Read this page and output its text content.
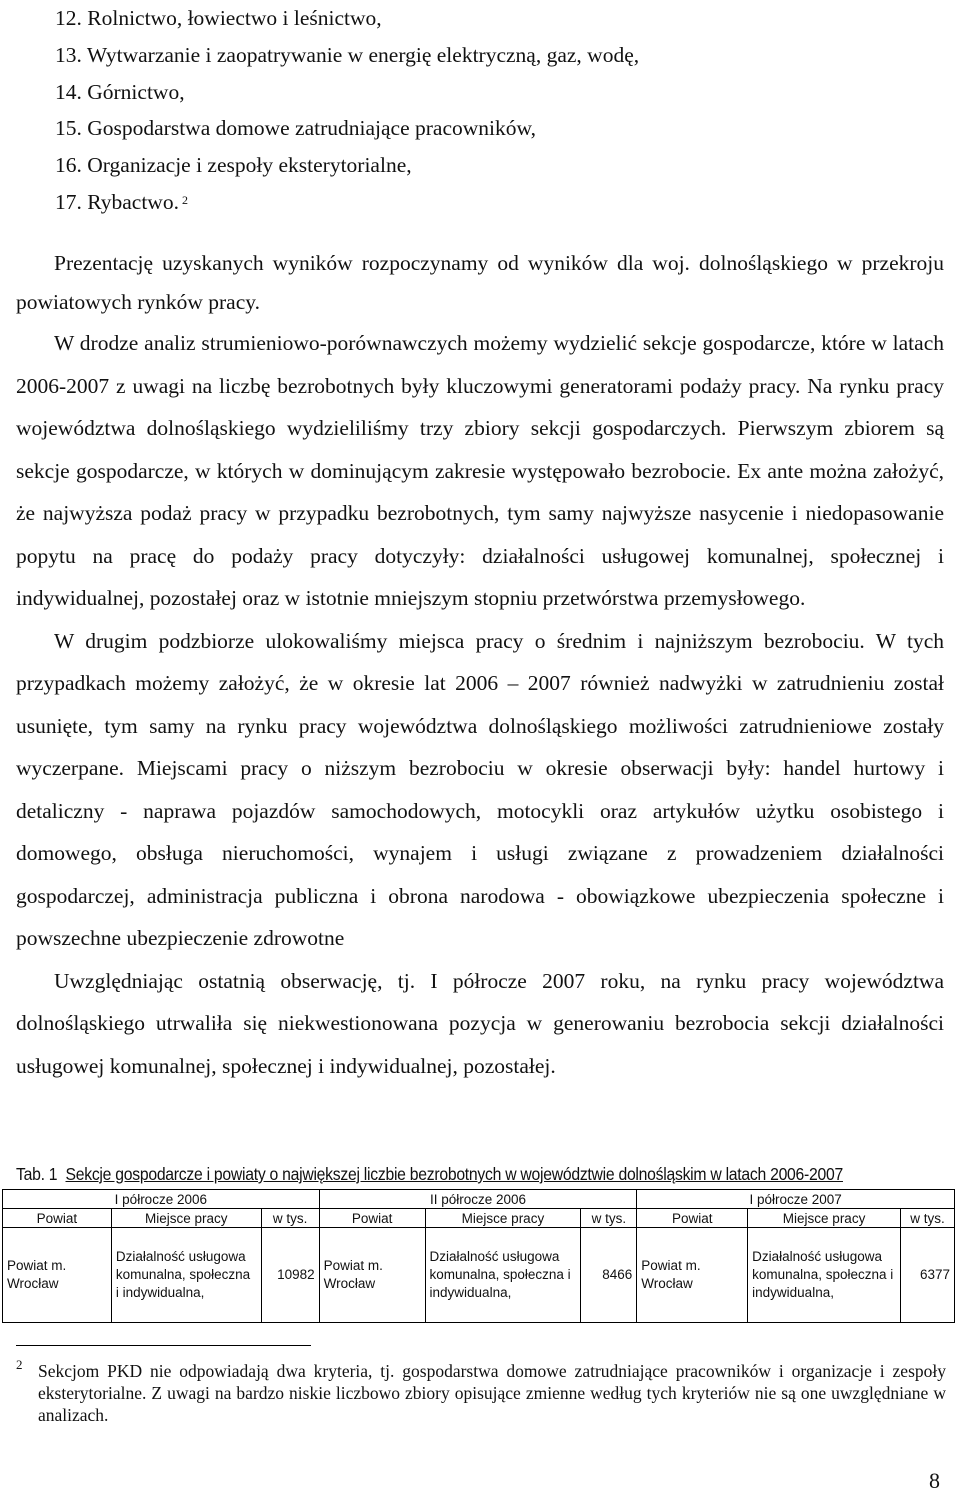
12. Rolnictwo, łowiectwo i leśnictwo,
13. Wytwarzanie i zaopatrywanie w energię elektryczną, gaz, wodę,
14. Górnictwo,
15. Gospodarstwa domowe zatrudniające pracowników,
16. Organizacje i zespoły eksterytorialne,
17. Rybactwo. $^2$

Prezentację uzyskanych wyników rozpoczynamy od wyników dla woj. dolnośląskiego w przekroju powiatowych rynków pracy.

W drodze analiz strumieniowo-porównawczych możemy wydzielić sekcje gospodarcze, które w latach 2006-2007 z uwagi na liczbę bezrobotnych były kluczowymi generatorami podaży pracy. Na rynku pracy województwa dolnośląskiego wydzieliliśmy trzy zbiory sekcji gospodarczych. Pierwszym zbiorem są sekcje gospodarcze, w których w dominującym zakresie występowało bezrobocie. Ex ante można założyć, że najwyższa podaż pracy w przypadku bezrobotnych, tym samy najwyższe nasycenie i niedopasowanie popytu na pracę do podaży pracy dotyczyły: działalności usługowej komunalnej, społecznej i indywidualnej, pozostałej oraz w istotnie mniejszym stopniu przetwórstwa przemysłowego.

W drugim podzbiorze ulokowaliśmy miejsca pracy o średnim i najniższym bezrobociu. W tych przypadkach możemy założyć, że w okresie lat 2006 – 2007 również nadwyżki w zatrudnieniu został usunięte, tym samy na rynku pracy województwa dolnośląskiego możliwości zatrudnieniowe zostały wyczerpane. Miejscami pracy o niższym bezrobociu w okresie obserwacji były: handel hurtowy i detaliczny - naprawa pojazdów samochodowych, motocykli oraz artykułów użytku osobistego i domowego, obsługa nieruchomości, wynajem i usługi związane z prowadzeniem działalności gospodarczej, administracja publiczna i obrona narodowa - obowiązkowe ubezpieczenia społeczne i powszechne ubezpieczenie zdrowotne

Uwzględniając ostatnią obserwację, tj. I półrocze 2007 roku, na rynku pracy województwa dolnośląskiego utrwaliła się niekwestionowana pozycja w generowaniu bezrobocia sekcji działalności usługowej komunalnej, społecznej i indywidualnej, pozostałej.

Tab. 1 Sekcje gospodarcze i powiaty o największej liczbie bezrobotnych w województwie dolnośląskim w latach 2006-2007
I półrocze 2006			II półrocze 2006			I półrocze 2007		
Powiat	Miejsce pracy	w tys.	Powiat	Miejsce pracy	w tys.	Powiat	Miejsce pracy	w tys.
Powiat m. Wrocław	Działalność usługowa komunalna, społeczna i indywidualna,	10982	Powiat m. Wrocław	Działalność usługowa komunalna, społeczna i indywidualna,	8466	Powiat m. Wrocław	Działalność usługowa komunalna, społeczna i indywidualna,	6377
2 Sekcjom PKD nie odpowiadają dwa kryteria, tj. gospodarstwa domowe zatrudniające pracowników i organizacje i zespoły eksterytorialne. Z uwagi na bardzo niskie liczbowo zbiory opisujące zmienne według tych kryteriów nie są one uwzględniane w analizach.
8
